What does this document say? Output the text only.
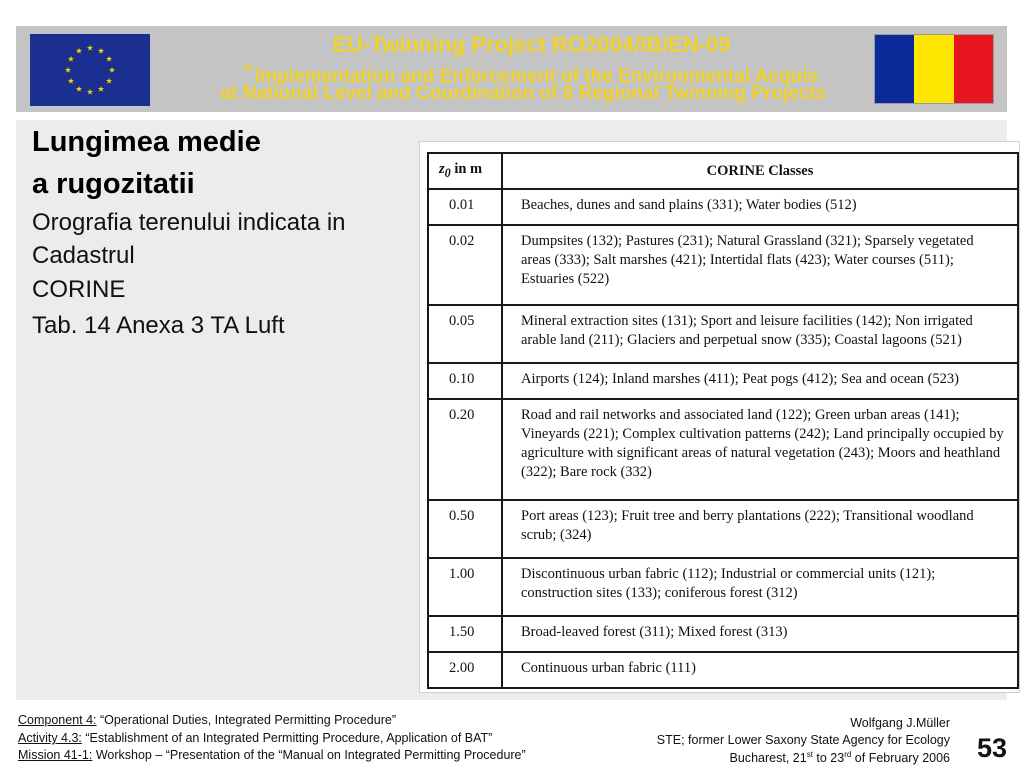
EU-Twinning Project RO2004/IB/EN-09
“ Implementation and Enforcement of the Environmental Acquis
at National Level and Coordination of 8 Regional Twinning Projects
Lungimea medie
a rugozitatii
Orografia terenului indicata in
Cadastrul
CORINE
Tab. 14 Anexa 3 TA Luft
$z_0$ in m	CORINE Classes
0.01	Beaches, dunes and sand plains (331); Water bodies (512)
0.02	Dumpsites (132); Pastures (231); Natural Grassland (321); Sparsely vegetated areas (333); Salt marshes (421); Intertidal flats (423); Water courses (511); Estuaries (522)
0.05	Mineral extraction sites (131); Sport and leisure facilities (142); Non irrigated arable land (211); Glaciers and perpetual snow (335); Coastal lagoons (521)
0.10	Airports (124); Inland marshes (411); Peat pogs (412); Sea and ocean (523)
0.20	Road and rail networks and associated land (122); Green urban areas (141); Vineyards (221); Complex cultivation patterns (242); Land principally occupied by agriculture with significant areas of natural vegetation (243); Moors and heathland (322); Bare rock (332)
0.50	Port areas (123); Fruit tree and berry plantations (222); Transitional woodland scrub; (324)
1.00	Discontinuous urban fabric (112); Industrial or commercial units (121); construction sites (133); coniferous forest (312)
1.50	Broad-leaved forest (311); Mixed forest (313)
2.00	Continuous urban fabric (111)
Component 4: “Operational Duties, Integrated Permitting Procedure”
Activity 4.3: “Establishment of an Integrated Permitting Procedure, Application of BAT”
Mission 41-1: Workshop – “Presentation of the “Manual on Integrated Permitting Procedure”
Wolfgang J.Müller
STE; former Lower Saxony State Agency for Ecology
Bucharest, 21st to 23rd of February 2006 53
